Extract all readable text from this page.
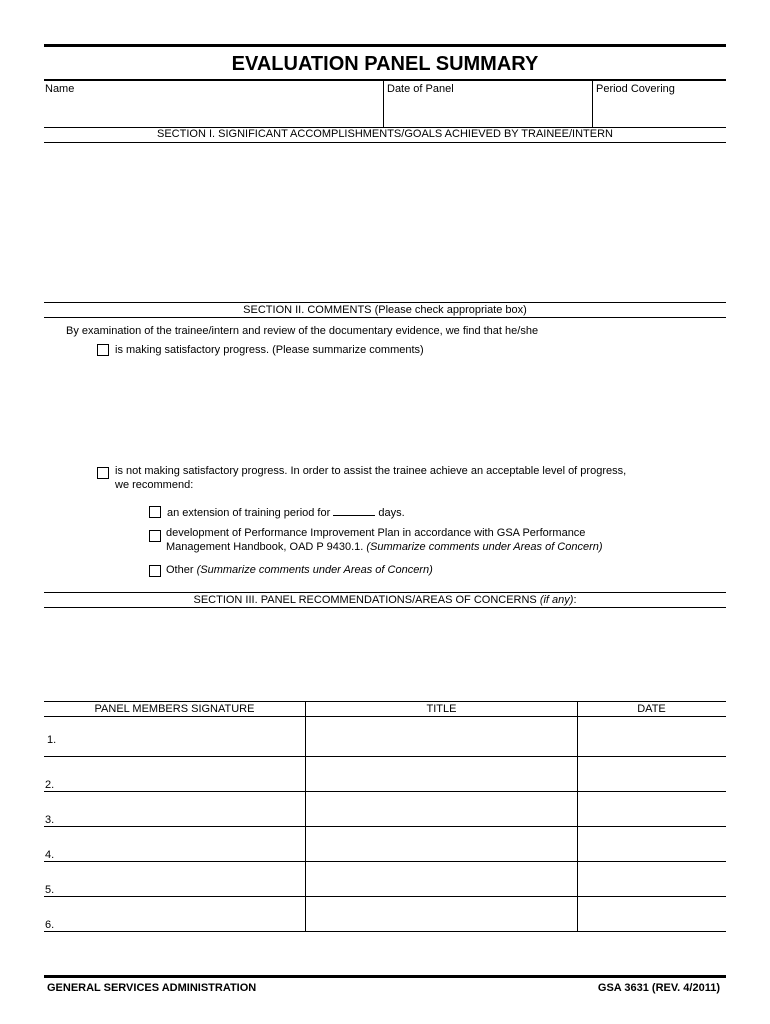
EVALUATION PANEL SUMMARY
Name	Date of Panel	Period Covering
SECTION I. SIGNIFICANT ACCOMPLISHMENTS/GOALS ACHIEVED BY TRAINEE/INTERN
SECTION II. COMMENTS (Please check appropriate box)
By examination of the trainee/intern and review of the documentary evidence, we find that he/she
is making satisfactory progress. (Please summarize comments)
is not making satisfactory progress. In order to assist the trainee achieve an acceptable level of progress,
we recommend:
an extension of training period for	days.
development of Performance Improvement Plan in accordance with GSA Performance
Management Handbook, OAD P 9430.1. (Summarize comments under Areas of Concern)
Other (Summarize comments under Areas of Concern)
SECTION III. PANEL RECOMMENDATIONS/AREAS OF CONCERNS (if any):
PANEL MEMBERS SIGNATURE	TITLE	DATE
1.
2.
3.
4.
5.
6.
GENERAL SERVICES ADMINISTRATION	GSA 3631 (REV. 4/2011)
